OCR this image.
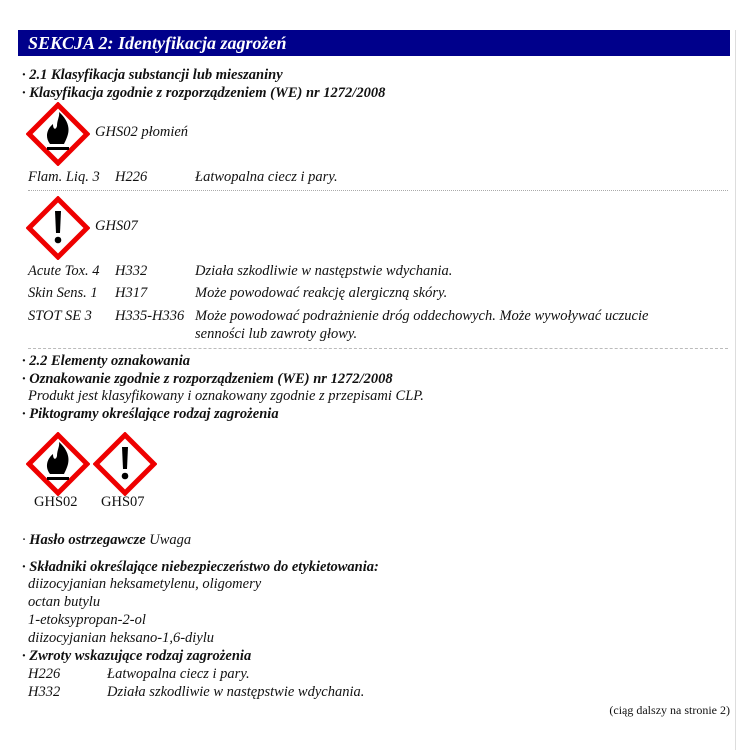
SEKCJA 2: Identyfikacja zagrożeń
· 2.1 Klasyfikacja substancji lub mieszaniny
· Klasyfikacja zgodnie z rozporządzeniem (WE) nr 1272/2008
GHS02 płomień
Flam. Liq. 3 H226	Łatwopalna ciecz i pary.
GHS07
Acute Tox. 4 H332	Działa szkodliwie w następstwie wdychania.
Skin Sens. 1 H317	Może powodować reakcję alergiczną skóry.
STOT SE 3 H335-H336 Może powodować podrażnienie dróg oddechowych. Może wywoływać uczucie
senności lub zawroty głowy.
· 2.2 Elementy oznakowania
· Oznakowanie zgodnie z rozporządzeniem (WE) nr 1272/2008
Produkt jest klasyfikowany i oznakowany zgodnie z przepisami CLP.
· Piktogramy określające rodzaj zagrożenia
GHS02 GHS07
· Hasło ostrzegawcze Uwaga
· Składniki określające niebezpieczeństwo do etykietowania:
diizocyjanian heksametylenu, oligomery
octan butylu
1-etoksypropan-2-ol
diizocyjanian heksano-1,6-diylu
· Zwroty wskazujące rodzaj zagrożenia
H226	Łatwopalna ciecz i pary.
H332	Działa szkodliwie w następstwie wdychania.
(ciąg dalszy na stronie 2)
